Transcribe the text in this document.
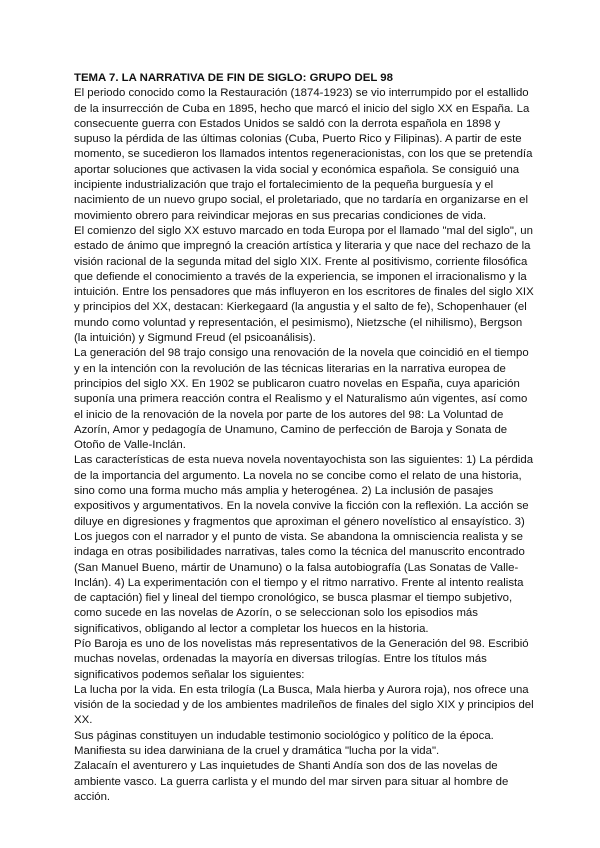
TEMA 7. LA NARRATIVA DE FIN DE SIGLO: GRUPO DEL 98

El periodo conocido como la Restauración (1874-1923) se vio interrumpido por el estallido de la insurrección de Cuba en 1895, hecho que marcó el inicio del siglo XX en España. La consecuente guerra con Estados Unidos se saldó con la derrota española en 1898 y supuso la pérdida de las últimas colonias (Cuba, Puerto Rico y Filipinas). A partir de este momento, se sucedieron los llamados intentos regeneracionistas, con los que se pretendía aportar soluciones que activasen la vida social y económica española. Se consiguió una incipiente industrialización que trajo el fortalecimiento de la pequeña burguesía y el nacimiento de un nuevo grupo social, el proletariado, que no tardaría en organizarse en el movimiento obrero para reivindicar mejoras en sus precarias condiciones de vida.

El comienzo del siglo XX estuvo marcado en toda Europa por el llamado "mal del siglo", un estado de ánimo que impregnó la creación artística y literaria y que nace del rechazo de la visión racional de la segunda mitad del siglo XIX. Frente al positivismo, corriente filosófica que defiende el conocimiento a través de la experiencia, se imponen el irracionalismo y la intuición. Entre los pensadores que más influyeron en los escritores de finales del siglo XIX y principios del XX, destacan: Kierkegaard (la angustia y el salto de fe), Schopenhauer (el mundo como voluntad y representación, el pesimismo), Nietzsche (el nihilismo), Bergson (la intuición) y Sigmund Freud (el psicoanálisis).

La generación del 98 trajo consigo una renovación de la novela que coincidió en el tiempo y en la intención con la revolución de las técnicas literarias en la narrativa europea de principios del siglo XX. En 1902 se publicaron cuatro novelas en España, cuya aparición suponía una primera reacción contra el Realismo y el Naturalismo aún vigentes, así como el inicio de la renovación de la novela por parte de los autores del 98: La Voluntad de Azorín, Amor y pedagogía de Unamuno, Camino de perfección de Baroja y Sonata de Otoño de Valle-Inclán.

Las características de esta nueva novela noventayochista son las siguientes: 1) La pérdida de la importancia del argumento. La novela no se concibe como el relato de una historia, sino como una forma mucho más amplia y heterogénea. 2) La inclusión de pasajes expositivos y argumentativos. En la novela convive la ficción con la reflexión. La acción se diluye en digresiones y fragmentos que aproximan el género novelístico al ensayístico. 3) Los juegos con el narrador y el punto de vista. Se abandona la omnisciencia realista y se indaga en otras posibilidades narrativas, tales como la técnica del manuscrito encontrado (San Manuel Bueno, mártir de Unamuno) o la falsa autobiografía (Las Sonatas de Valle-Inclán). 4) La experimentación con el tiempo y el ritmo narrativo. Frente al intento realista de captación) fiel y lineal del tiempo cronológico, se busca plasmar el tiempo subjetivo, como sucede en las novelas de Azorín, o se seleccionan solo los episodios más significativos, obligando al lector a completar los huecos en la historia.

Pío Baroja es uno de los novelistas más representativos de la Generación del 98. Escribió muchas novelas, ordenadas la mayoría en diversas trilogías. Entre los títulos más significativos podemos señalar los siguientes:

La lucha por la vida. En esta trilogía (La Busca, Mala hierba y Aurora roja), nos ofrece una visión de la sociedad y de los ambientes madrileños de finales del siglo XIX y principios del XX.

Sus páginas constituyen un indudable testimonio sociológico y político de la época. Manifiesta su idea darwiniana de la cruel y dramática "lucha por la vida".

Zalacaín el aventurero y Las inquietudes de Shanti Andía son dos de las novelas de ambiente vasco. La guerra carlista y el mundo del mar sirven para situar al hombre de acción.
